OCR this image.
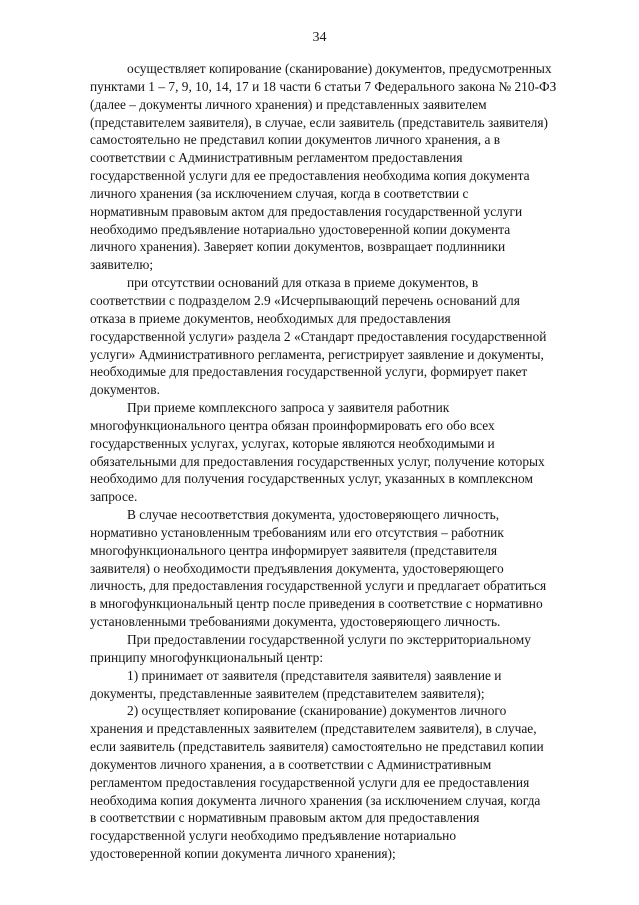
34

осуществляет копирование (сканирование) документов, предусмотренных
пунктами 1 – 7, 9, 10, 14, 17 и 18 части 6 статьи 7 Федерального закона № 210-ФЗ
(далее – документы личного хранения) и представленных заявителем
(представителем заявителя), в случае, если заявитель (представитель заявителя)
самостоятельно не представил копии документов личного хранения, а в
соответствии с Административным регламентом предоставления
государственной услуги для ее предоставления необходима копия документа
личного хранения (за исключением случая, когда в соответствии с
нормативным правовым актом для предоставления государственной услуги
необходимо предъявление нотариально удостоверенной копии документа
личного хранения). Заверяет копии документов, возвращает подлинники
заявителю;

при отсутствии оснований для отказа в приеме документов, в
соответствии с подразделом 2.9 «Исчерпывающий перечень оснований для
отказа в приеме документов, необходимых для предоставления
государственной услуги» раздела 2 «Стандарт предоставления государственной
услуги» Административного регламента, регистрирует заявление и документы,
необходимые для предоставления государственной услуги, формирует пакет
документов.

При приеме комплексного запроса у заявителя работник
многофункционального центра обязан проинформировать его обо всех
государственных услугах, услугах, которые являются необходимыми и
обязательными для предоставления государственных услуг, получение которых
необходимо для получения государственных услуг, указанных в комплексном
запросе.

В случае несоответствия документа, удостоверяющего личность,
нормативно установленным требованиям или его отсутствия – работник
многофункционального центра информирует заявителя (представителя
заявителя) о необходимости предъявления документа, удостоверяющего
личность, для предоставления государственной услуги и предлагает обратиться
в многофункциональный центр после приведения в соответствие с нормативно
установленными требованиями документа, удостоверяющего личность.

При предоставлении государственной услуги по экстерриториальному
принципу многофункциональный центр:

1) принимает от заявителя (представителя заявителя) заявление и
документы, представленные заявителем (представителем заявителя);

2) осуществляет копирование (сканирование) документов личного
хранения и представленных заявителем (представителем заявителя), в случае,
если заявитель (представитель заявителя) самостоятельно не представил копии
документов личного хранения, а в соответствии с Административным
регламентом предоставления государственной услуги для ее предоставления
необходима копия документа личного хранения (за исключением случая, когда
в соответствии с нормативным правовым актом для предоставления
государственной услуги необходимо предъявление нотариально
удостоверенной копии документа личного хранения);
